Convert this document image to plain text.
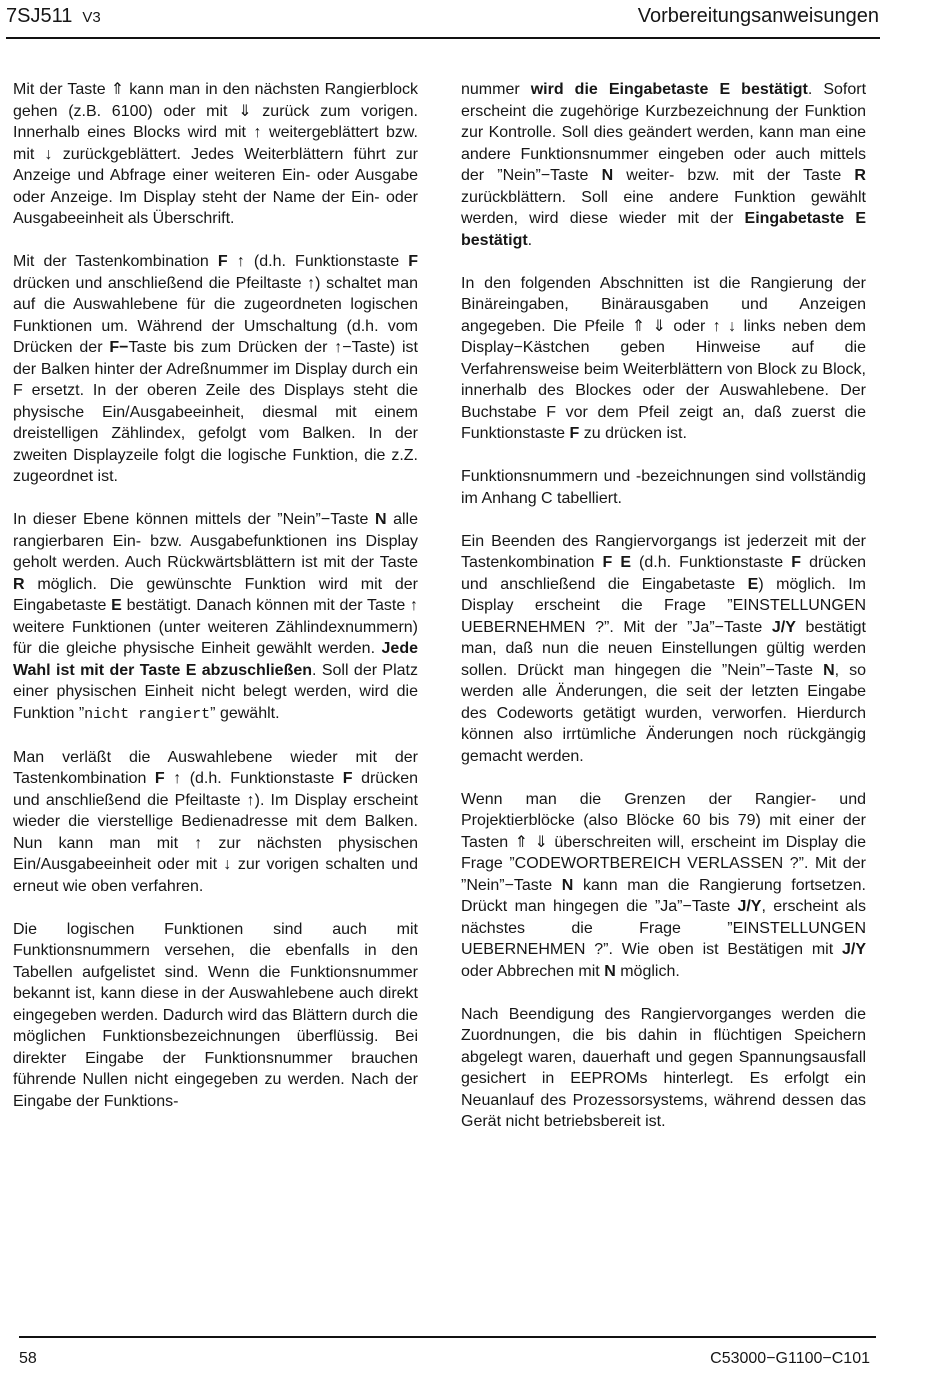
7SJ511 V3	Vorbereitungsanweisungen

Mit der Taste ⇑ kann man in den nächsten Rangierblock gehen (z.B. 6100) oder mit ⇓ zurück zum vorigen. Innerhalb eines Blocks wird mit ↑ weitergeblättert bzw. mit ↓ zurückgeblättert. Jedes Weiterblättern führt zur Anzeige und Abfrage einer weiteren Ein- oder Ausgabe oder Anzeige. Im Display steht der Name der Ein- oder Ausgabeeinheit als Überschrift.

Mit der Tastenkombination F ↑ (d.h. Funktionstaste F drücken und anschließend die Pfeiltaste ↑) schaltet man auf die Auswahlebene für die zugeordneten logischen Funktionen um. Während der Umschaltung (d.h. vom Drücken der F−Taste bis zum Drücken der ↑−Taste) ist der Balken hinter der Adreßnummer im Display durch ein F ersetzt. In der oberen Zeile des Displays steht die physische Ein/Ausgabeeinheit, diesmal mit einem dreistelligen Zählindex, gefolgt vom Balken. In der zweiten Displayzeile folgt die logische Funktion, die z.Z. zugeordnet ist.

In dieser Ebene können mittels der ”Nein”−Taste N alle rangierbaren Ein- bzw. Ausgabefunktionen ins Display geholt werden. Auch Rückwärtsblättern ist mit der Taste R möglich. Die gewünschte Funktion wird mit der Eingabetaste E bestätigt. Danach können mit der Taste ↑ weitere Funktionen (unter weiteren Zählindexnummern) für die gleiche physische Einheit gewählt werden. Jede Wahl ist mit der Taste E abzuschließen. Soll der Platz einer physischen Einheit nicht belegt werden, wird die Funktion ”nicht rangiert” gewählt.

Man verläßt die Auswahlebene wieder mit der Tastenkombination F ↑ (d.h. Funktionstaste F drücken und anschließend die Pfeiltaste ↑). Im Display erscheint wieder die vierstellige Bedienadresse mit dem Balken. Nun kann man mit ↑ zur nächsten physischen Ein/Ausgabeeinheit oder mit ↓ zur vorigen schalten und erneut wie oben verfahren.

Die logischen Funktionen sind auch mit Funktionsnummern versehen, die ebenfalls in den Tabellen aufgelistet sind. Wenn die Funktionsnummer bekannt ist, kann diese in der Auswahlebene auch direkt eingegeben werden. Dadurch wird das Blättern durch die möglichen Funktionsbezeichnungen überflüssig. Bei direkter Eingabe der Funktionsnummer brauchen führende Nullen nicht eingegeben zu werden. Nach der Eingabe der Funktions-

nummer wird die Eingabetaste E bestätigt. Sofort erscheint die zugehörige Kurzbezeichnung der Funktion zur Kontrolle. Soll dies geändert werden, kann man eine andere Funktionsnummer eingeben oder auch mittels der ”Nein”−Taste N weiter- bzw. mit der Taste R zurückblättern. Soll eine andere Funktion gewählt werden, wird diese wieder mit der Eingabetaste E bestätigt.

In den folgenden Abschnitten ist die Rangierung der Binäreingaben, Binärausgaben und Anzeigen angegeben. Die Pfeile ⇑ ⇓ oder ↑ ↓ links neben dem Display−Kästchen geben Hinweise auf die Verfahrensweise beim Weiterblättern von Block zu Block, innerhalb des Blockes oder der Auswahlebene. Der Buchstabe F vor dem Pfeil zeigt an, daß zuerst die Funktionstaste F zu drücken ist.

Funktionsnummern und -bezeichnungen sind vollständig im Anhang C tabelliert.

Ein Beenden des Rangiervorgangs ist jederzeit mit der Tastenkombination F E (d.h. Funktionstaste F drücken und anschließend die Eingabetaste E) möglich. Im Display erscheint die Frage ”EINSTELLUNGEN UEBERNEHMEN ?”. Mit der ”Ja”−Taste J/Y bestätigt man, daß nun die neuen Einstellungen gültig werden sollen. Drückt man hingegen die ”Nein”−Taste N, so werden alle Änderungen, die seit der letzten Eingabe des Codeworts getätigt wurden, verworfen. Hierdurch können also irrtümliche Änderungen noch rückgängig gemacht werden.

Wenn man die Grenzen der Rangier- und Projektierblöcke (also Blöcke 60 bis 79) mit einer der Tasten ⇑ ⇓ überschreiten will, erscheint im Display die Frage ”CODEWORTBEREICH VERLASSEN ?”. Mit der ”Nein”−Taste N kann man die Rangierung fortsetzen. Drückt man hingegen die ”Ja”−Taste J/Y, erscheint als nächstes die Frage ”EINSTELLUNGEN UEBERNEHMEN ?”. Wie oben ist Bestätigen mit J/Y oder Abbrechen mit N möglich.

Nach Beendigung des Rangiervorganges werden die Zuordnungen, die bis dahin in flüchtigen Speichern abgelegt waren, dauerhaft und gegen Spannungsausfall gesichert in EEPROMs hinterlegt. Es erfolgt ein Neuanlauf des Prozessorsystems, während dessen das Gerät nicht betriebsbereit ist.

58	C53000−G1100−C101
